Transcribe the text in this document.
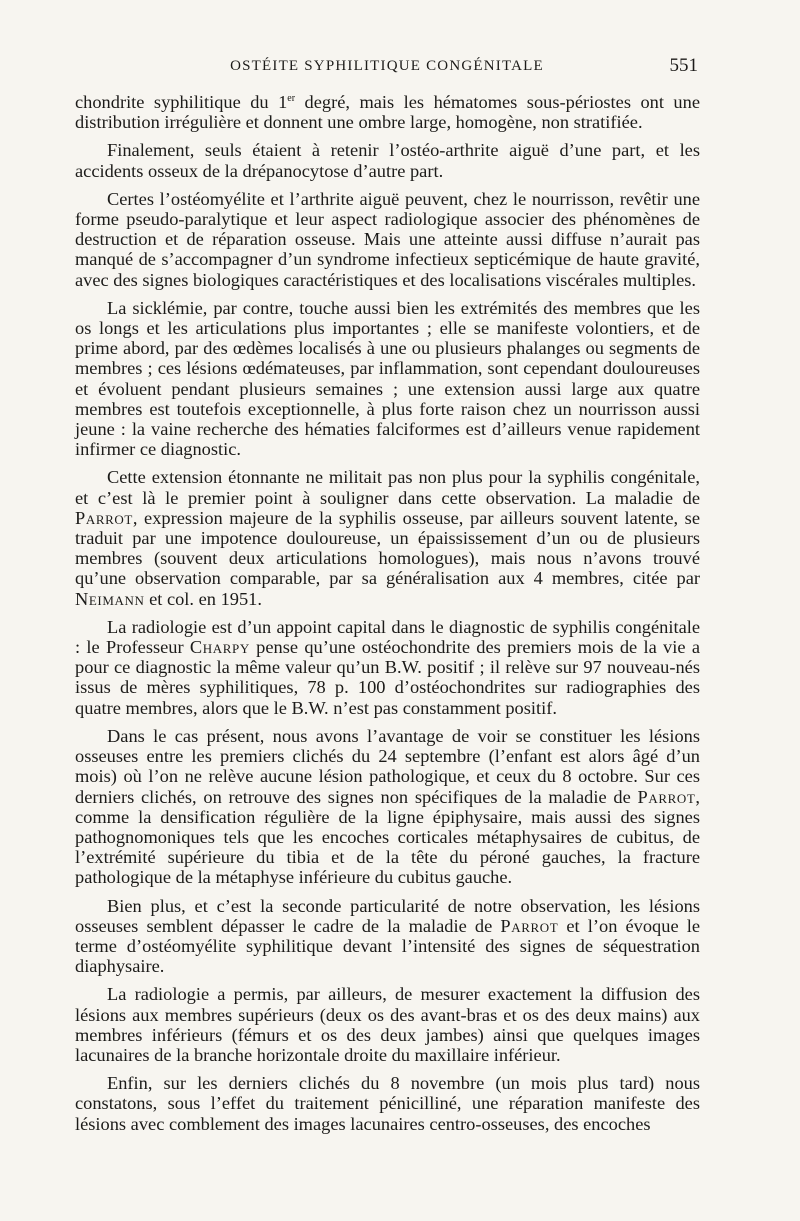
OSTÉITE SYPHILITIQUE CONGÉNITALE	551

chondrite syphilitique du 1er degré, mais les hématomes sous-périostes ont une distribution irrégulière et donnent une ombre large, homogène, non stratifiée.

Finalement, seuls étaient à retenir l’ostéo-arthrite aiguë d’une part, et les accidents osseux de la drépanocytose d’autre part.

Certes l’ostéomyélite et l’arthrite aiguë peuvent, chez le nourrisson, revêtir une forme pseudo-paralytique et leur aspect radiologique associer des phénomènes de destruction et de réparation osseuse. Mais une atteinte aussi diffuse n’aurait pas manqué de s’accompagner d’un syndrome infectieux septicémique de haute gravité, avec des signes biologiques caractéristiques et des localisations viscérales multiples.

La sicklémie, par contre, touche aussi bien les extrémités des membres que les os longs et les articulations plus importantes ; elle se manifeste volontiers, et de prime abord, par des œdèmes localisés à une ou plusieurs phalanges ou segments de membres ; ces lésions œdémateuses, par inflammation, sont cependant douloureuses et évoluent pendant plusieurs semaines ; une extension aussi large aux quatre membres est toutefois exceptionnelle, à plus forte raison chez un nourrisson aussi jeune : la vaine recherche des hématies falciformes est d’ailleurs venue rapidement infirmer ce diagnostic.

Cette extension étonnante ne militait pas non plus pour la syphilis congénitale, et c’est là le premier point à souligner dans cette observation. La maladie de Parrot, expression majeure de la syphilis osseuse, par ailleurs souvent latente, se traduit par une impotence douloureuse, un épaississement d’un ou de plusieurs membres (souvent deux articulations homologues), mais nous n’avons trouvé qu’une observation comparable, par sa généralisation aux 4 membres, citée par Neimann et col. en 1951.

La radiologie est d’un appoint capital dans le diagnostic de syphilis congénitale : le Professeur Charpy pense qu’une ostéochondrite des premiers mois de la vie a pour ce diagnostic la même valeur qu’un B.W. positif ; il relève sur 97 nouveau-nés issus de mères syphilitiques, 78 p. 100 d’ostéochondrites sur radiographies des quatre membres, alors que le B.W. n’est pas constamment positif.

Dans le cas présent, nous avons l’avantage de voir se constituer les lésions osseuses entre les premiers clichés du 24 septembre (l’enfant est alors âgé d’un mois) où l’on ne relève aucune lésion pathologique, et ceux du 8 octobre. Sur ces derniers clichés, on retrouve des signes non spécifiques de la maladie de Parrot, comme la densification régulière de la ligne épiphysaire, mais aussi des signes pathognomoniques tels que les encoches corticales métaphysaires de cubitus, de l’extrémité supérieure du tibia et de la tête du péroné gauches, la fracture pathologique de la métaphyse inférieure du cubitus gauche.

Bien plus, et c’est la seconde particularité de notre observation, les lésions osseuses semblent dépasser le cadre de la maladie de Parrot et l’on évoque le terme d’ostéomyélite syphilitique devant l’intensité des signes de séquestration diaphysaire.

La radiologie a permis, par ailleurs, de mesurer exactement la diffusion des lésions aux membres supérieurs (deux os des avant-bras et os des deux mains) aux membres inférieurs (fémurs et os des deux jambes) ainsi que quelques images lacunaires de la branche horizontale droite du maxillaire inférieur.

Enfin, sur les derniers clichés du 8 novembre (un mois plus tard) nous constatons, sous l’effet du traitement pénicilliné, une réparation manifeste des lésions avec comblement des images lacunaires centro-osseuses, des encoches
